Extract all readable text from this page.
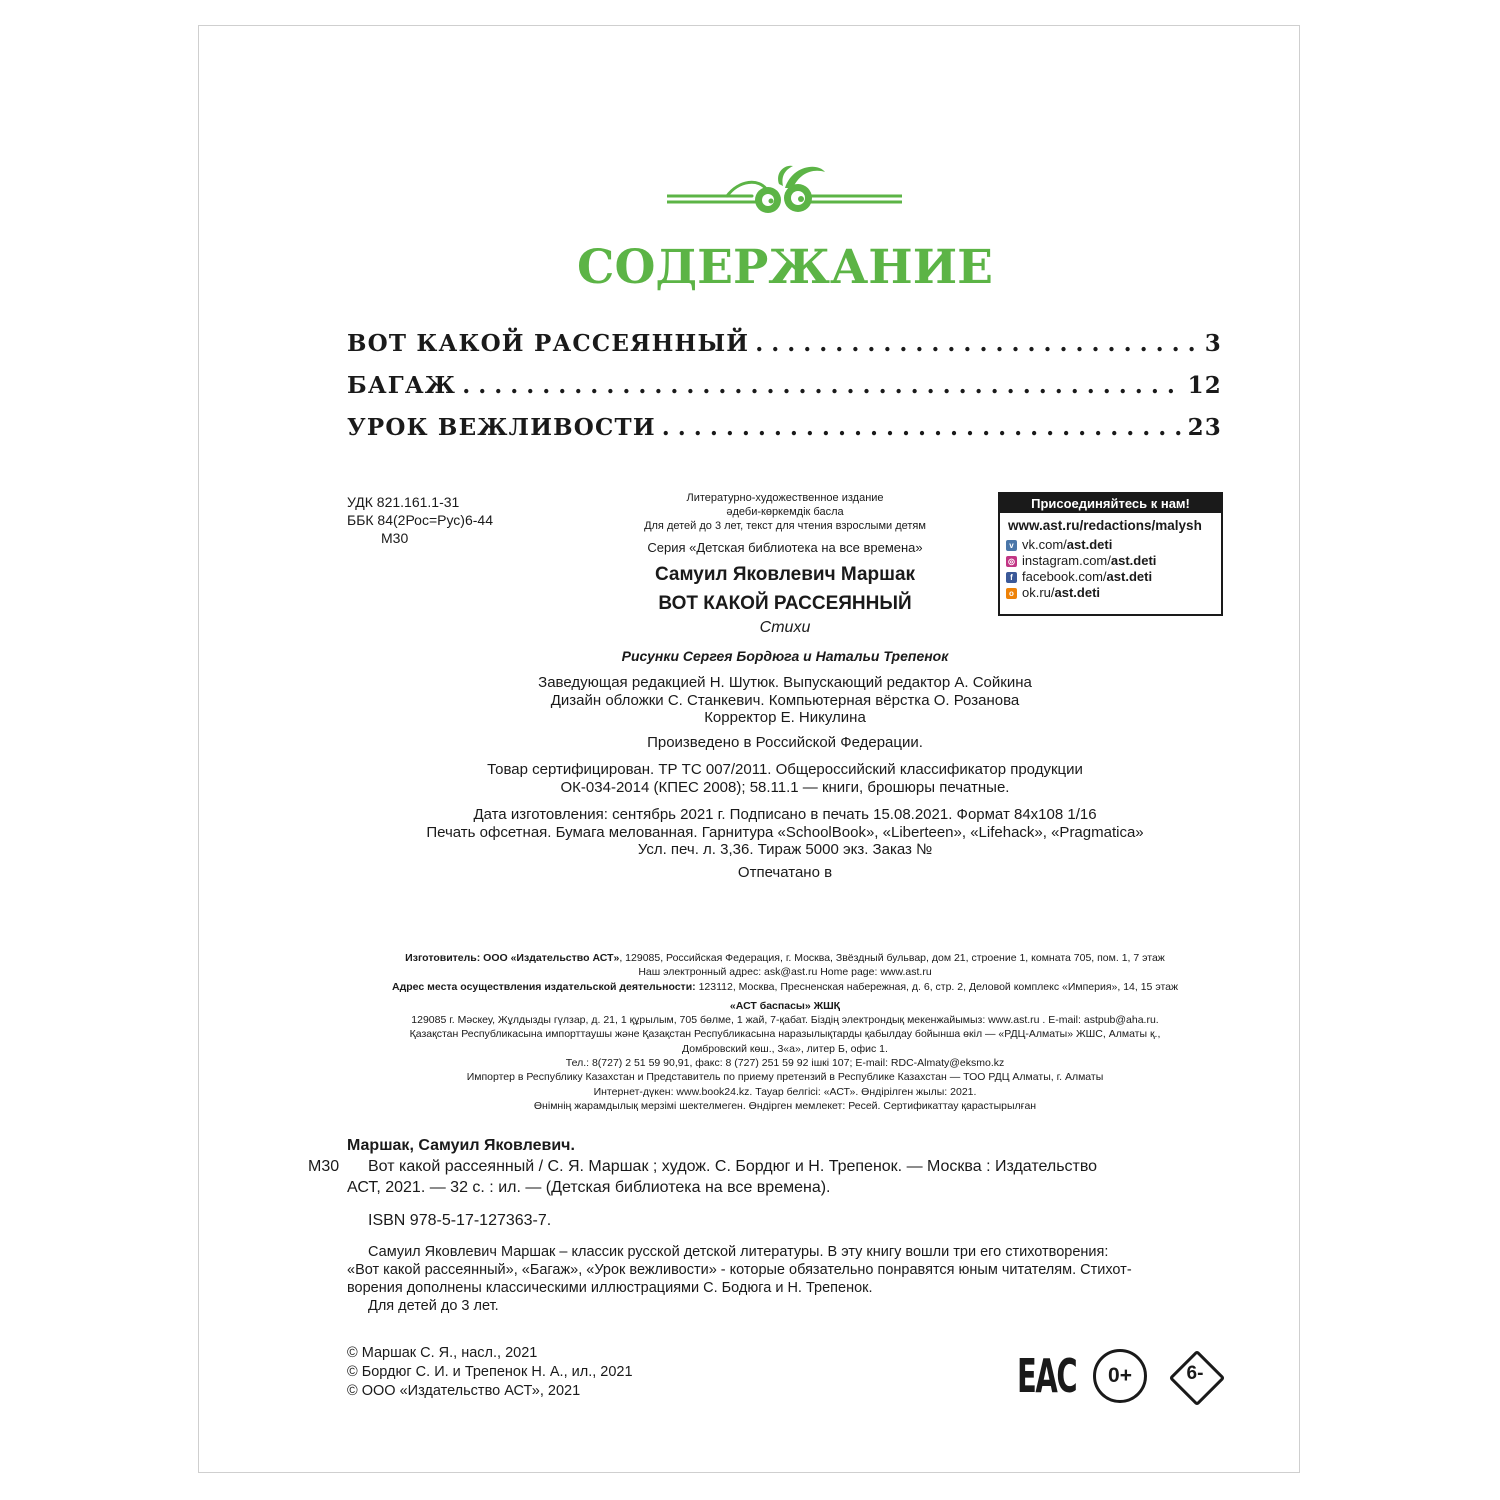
СОДЕРЖАНИЕ
ВОТ КАКОЙ РАССЕЯННЫЙ . . .	3
БАГАЖ . . .	12
УРОК ВЕЖЛИВОСТИ . . .	23
УДК 821.161.1-31
ББК 84(2Рос=Рус)6-44
М30
Литературно-художественное издание
әдеби-көркемдік басла
Для детей до 3 лет, текст для чтения взрослыми детям
Серия «Детская библиотека на все времена»
Самуил Яковлевич Маршак
ВОТ КАКОЙ РАССЕЯННЫЙ
Стихи
Рисунки Сергея Бордюга и Натальи Трепенок
Заведующая редакцией Н. Шутюк. Выпускающий редактор А. Сойкина
Дизайн обложки С. Станкевич. Компьютерная вёрстка О. Розанова
Корректор Е. Никулина
Произведено в Российской Федерации.
Товар сертифицирован. ТР ТС 007/2011. Общероссийский классификатор продукции
ОК-034-2014 (КПЕС 2008); 58.11.1 — книги, брошюры печатные.
Дата изготовления: сентябрь 2021 г. Подписано в печать 15.08.2021. Формат 84x108 1/16
Печать офсетная. Бумага мелованная. Гарнитура «SchoolBook», «Liberteen», «Lifehack», «Pragmatica»
Усл. печ. л. 3,36. Тираж 5000 экз. Заказ №
Отпечатано в
Присоединяйтесь к нам!
www.ast.ru/redactions/malysh
v vk.com/ ast.deti
◎ instagram.com/ ast.deti
f facebook.com/ ast.deti
o ok.ru/ ast.deti
Изготовитель: ООО «Издательство АСТ», 129085, Российская Федерация, г. Москва, Звёздный бульвар, дом 21, строение 1, комната 705, пом. 1, 7 этаж
Наш электронный адрес: ask@ast.ru Home page: www.ast.ru
Адрес места осуществления издательской деятельности: 123112, Москва, Пресненская набережная, д. 6, стр. 2, Деловой комплекс «Империя», 14, 15 этаж
«АСТ баспасы» ЖШҚ
129085 г. Мәскеу, Жұлдызды гүлзар, д. 21, 1 құрылым, 705 бөлме, 1 жай, 7-қабат. Біздің электрондық мекенжайымыз: www.ast.ru . E-mail: astpub@aha.ru.
Қазақстан Республикасына импорттаушы және Қазақстан Республикасына наразылықтарды қабылдау бойынша өкіл — «РДЦ-Алматы» ЖШС, Алматы қ.,
Домбровский көш., 3«а», литер Б, офис 1.
Тел.: 8(727) 2 51 59 90,91, факс: 8 (727) 251 59 92 ішкі 107; E-mail: RDC-Almaty@eksmo.kz
Импортер в Республику Казахстан и Представитель по приему претензий в Республике Казахстан — ТОО РДЦ Алматы, г. Алматы
Интернет-дүкен: www.book24.kz. Тауар белгісі: «АСТ». Өндірілген жылы: 2021.
Өнімнің жарамдылық мерзімі шектелмеген. Өндірген мемлекет: Ресей. Сертификаттау қарастырылған
Маршак, Самуил Яковлевич.
М30	Вот какой рассеянный / С. Я. Маршак ; худож. С. Бордюг и Н. Трепенок. — Москва : Издательство
АСТ, 2021. — 32 с. : ил. — (Детская библиотека на все времена).
ISBN 978-5-17-127363-7.
Самуил Яковлевич Маршак – классик русской детской литературы. В эту книгу вошли три его стихотворения:
«Вот какой рассеянный», «Багаж», «Урок вежливости» - которые обязательно понравятся юным читателям. Стихот-
ворения дополнены классическими иллюстрациями С. Бодюга и Н. Трепенок.
Для детей до 3 лет.
© Маршак С. Я., насл., 2021
© Бордюг С. И. и Трепенок Н. А., ил., 2021
© ООО «Издательство АСТ», 2021	EAC 0+	6-
